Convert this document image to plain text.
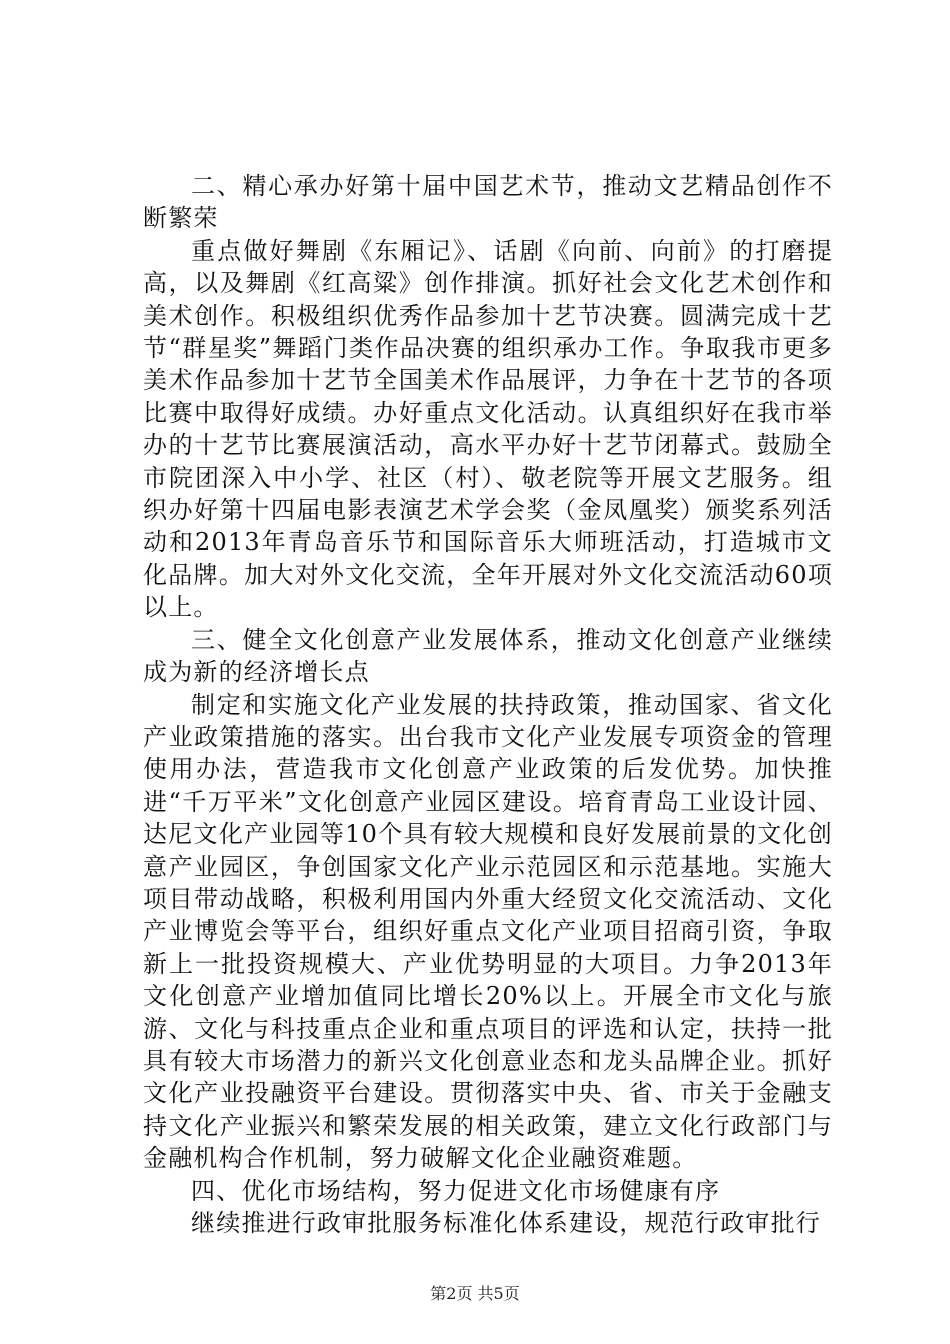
二、精心承办好第十届中国艺术节，推动文艺精品创作不断繁荣

重点做好舞剧《东厢记》、话剧《向前、向前》的打磨提高，以及舞剧《红高粱》创作排演。抓好社会文化艺术创作和美术创作。积极组织优秀作品参加十艺节决赛。圆满完成十艺节“群星奖”舞蹈门类作品决赛的组织承办工作。争取我市更多美术作品参加十艺节全国美术作品展评，力争在十艺节的各项比赛中取得好成绩。办好重点文化活动。认真组织好在我市举办的十艺节比赛展演活动，高水平办好十艺节闭幕式。鼓励全市院团深入中小学、社区（村）、敬老院等开展文艺服务。组织办好第十四届电影表演艺术学会奖（金凤凰奖）颁奖系列活动和2013年青岛音乐节和国际音乐大师班活动，打造城市文化品牌。加大对外文化交流，全年开展对外文化交流活动60项以上。

三、健全文化创意产业发展体系，推动文化创意产业继续成为新的经济增长点

制定和实施文化产业发展的扶持政策，推动国家、省文化产业政策措施的落实。出台我市文化产业发展专项资金的管理使用办法，营造我市文化创意产业政策的后发优势。加快推进“千万平米”文化创意产业园区建设。培育青岛工业设计园、达尼文化产业园等10个具有较大规模和良好发展前景的文化创意产业园区，争创国家文化产业示范园区和示范基地。实施大项目带动战略，积极利用国内外重大经贸文化交流活动、文化产业博览会等平台，组织好重点文化产业项目招商引资，争取新上一批投资规模大、产业优势明显的大项目。力争2013年文化创意产业增加值同比增长20%以上。开展全市文化与旅游、文化与科技重点企业和重点项目的评选和认定，扶持一批具有较大市场潜力的新兴文化创意业态和龙头品牌企业。抓好文化产业投融资平台建设。贯彻落实中央、省、市关于金融支持文化产业振兴和繁荣发展的相关政策，建立文化行政部门与金融机构合作机制，努力破解文化企业融资难题。

四、优化市场结构，努力促进文化市场健康有序

继续推进行政审批服务标准化体系建设，规范行政审批行

第2页 共5页
